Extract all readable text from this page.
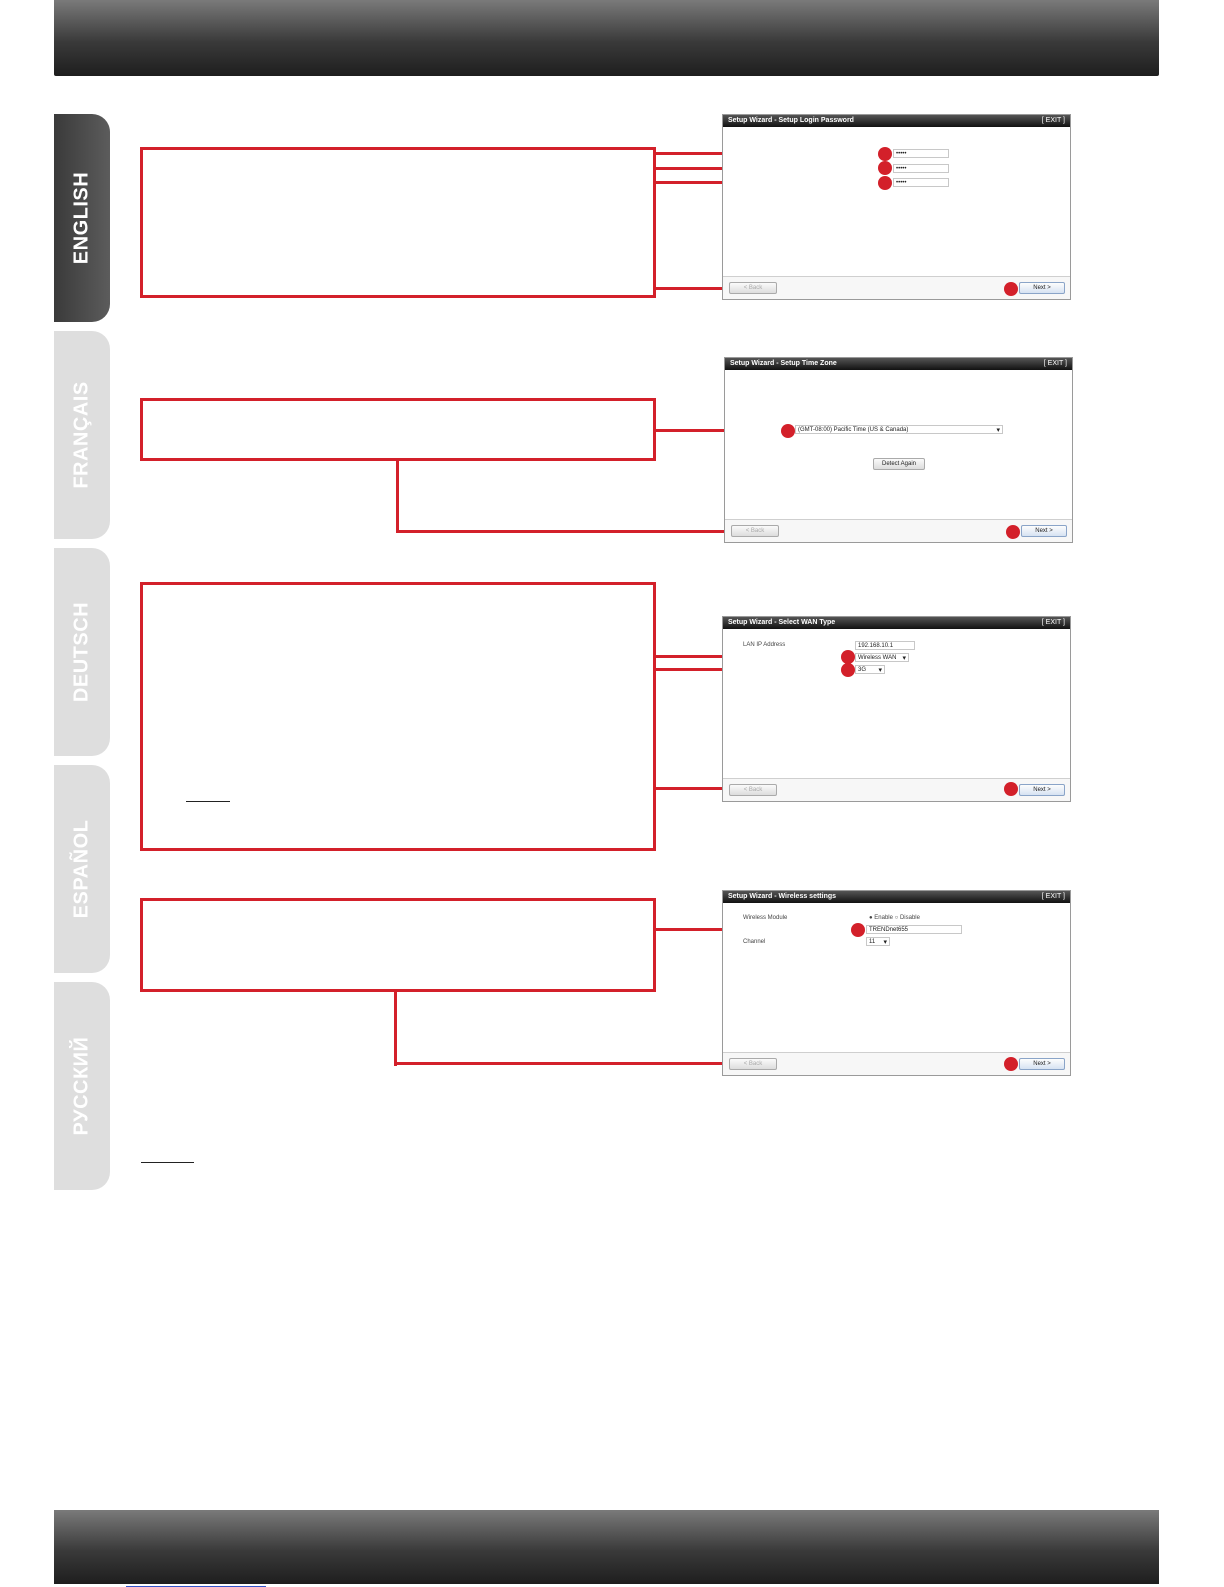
ENGLISH
FRANÇAIS
DEUTSCH
ESPAÑOL
РУССКИЙ
Setup Wizard - Setup Login Password	[ EXIT ]
•••••
•••••
•••••
< Back	Next >
Setup Wizard - Setup Time Zone	[ EXIT ]
(GMT-08:00) Pacific Time (US & Canada) ▾
Detect Again
< Back	Next >
Setup Wizard - Select WAN Type	[ EXIT ]
LAN IP Address	192.168.10.1
Wireless WAN ▾
3G ▾
< Back	Next >
Setup Wizard - Wireless settings	[ EXIT ]
Wireless Module	● Enable ○ Disable
TRENDnet655
Channel	11 ▾
< Back	Next >
